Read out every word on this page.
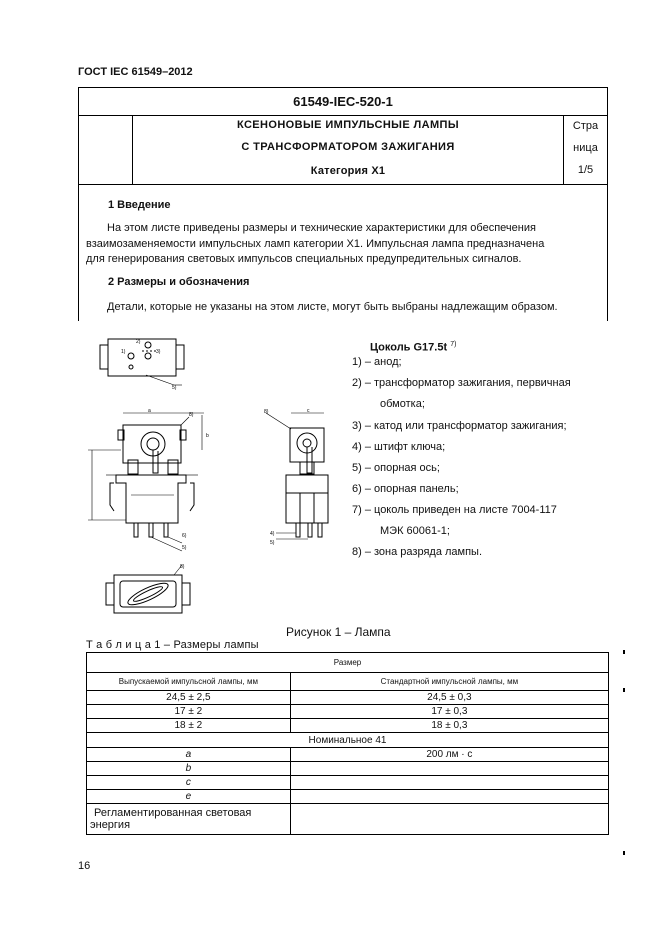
ГОСТ IEC 61549–2012
61549-IEC-520-1
КСЕНОНОВЫЕ ИМПУЛЬСНЫЕ ЛАМПЫ
С ТРАНСФОРМАТОРОМ ЗАЖИГАНИЯ
Категория X1
Стра
ница
1/5
1 Введение
На этом листе приведены размеры и технические характеристики для обеспечения
взаимозаменяемости импульсных ламп категории X1. Импульсная лампа предназначена
для генерирования световых импульсов специальных предупредительных сигналов.
2 Размеры и обозначения
Детали, которые не указаны на этом листе, могут быть выбраны надлежащим образом.
2)
1)	3)
5)
a
b
8)
6)
5)
c
8)
4)
5)
8)
Цоколь G17.5t $^{7)}$
1) – анод;
2) – трансформатор зажигания, первичная
обмотка;
3) – катод или трансформатор зажигания;
4) – штифт ключа;
5) – опорная ось;
6) – опорная панель;
7) – цоколь приведен на листе 7004-117
МЭК 60061-1;
8) – зона разряда лампы.
Рисунок 1 – Лампа
Т а б л и ц а 1 – Размеры лампы
Размер	
Выпускаемой импульсной лампы, мм	Стандартной импульсной лампы, мм
24,5 ± 2,5	24,5 ± 0,3
17 ± 2	17 ± 0,3
18 ± 2	18 ± 0,3
Номинальное 41	
a	200 лм · с
b	
c	
e	

Регламентированная световая
энергия	

16
